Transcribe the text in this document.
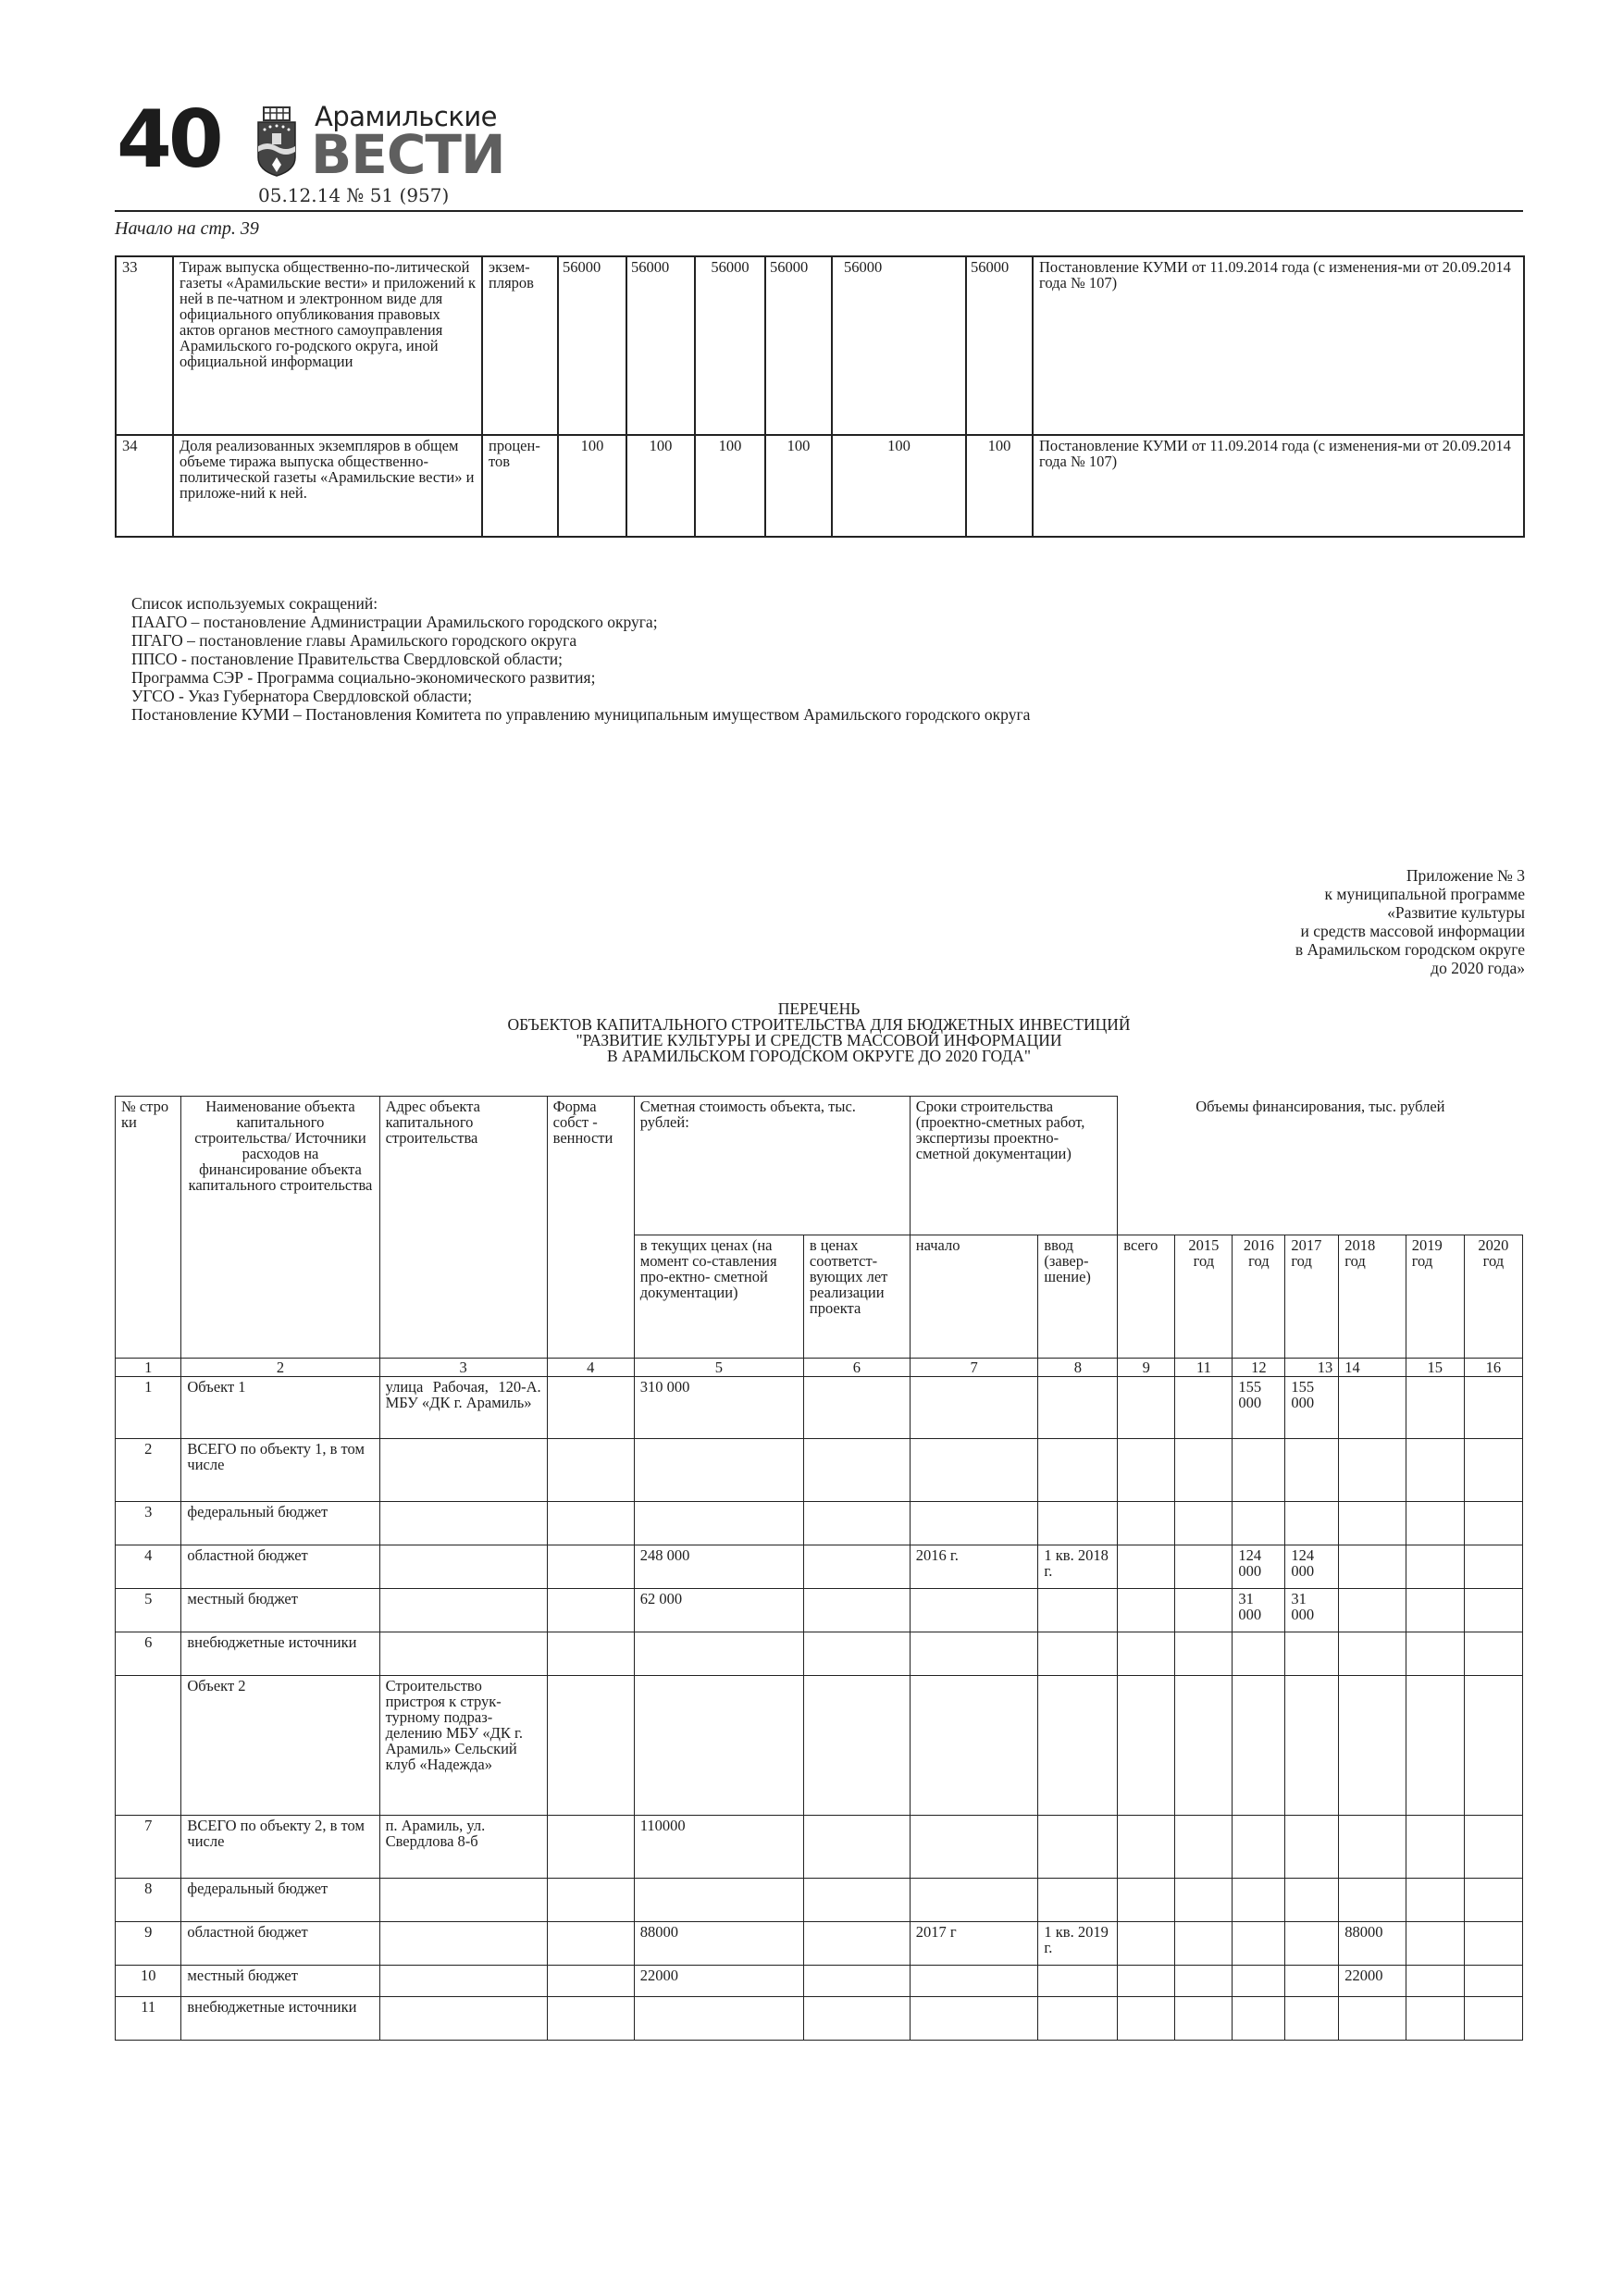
40	Арамильские
ВЕСТИ
05.12.14 № 51 (957)
Начало на стр. 39
33	Тираж выпуска общественно-по-литической газеты «Арамильские вести» и приложений к ней в пе-чатном и электронном виде для официального опубликования правовых актов органов местного самоуправления Арамильского го-родского округа, иной официальной информации	экзем-пляров	56000	56000	56000	56000	56000	56000	Постановление КУМИ от 11.09.2014 года (с изменения-ми от 20.09.2014 года № 107)
34	Доля реализованных экземпляров в общем объеме тиража выпуска общественно-политической газеты «Арамильские вести» и приложе-ний к ней.	процен-тов	100	100	100	100	100	100	Постановление КУМИ от 11.09.2014 года (с изменения-ми от 20.09.2014 года № 107)
Список используемых сокращений:
ПААГО – постановление Администрации Арамильского городского округа;
ПГАГО – постановление главы Арамильского городского округа
ППСО - постановление Правительства Свердловской области;
Программа СЭР - Программа социально-экономического развития;
УГСО - Указ Губернатора Свердловской области;
Постановление КУМИ – Постановления Комитета по управлению муниципальным имуществом Арамильского городского округа
Приложение № 3
к муниципальной программе
«Развитие культуры
и средств массовой информации
в Арамильском городском округе
до 2020 года»
ПЕРЕЧЕНЬ
ОБЪЕКТОВ КАПИТАЛЬНОГО СТРОИТЕЛЬСТВА ДЛЯ БЮДЖЕТНЫХ ИНВЕСТИЦИЙ
"РАЗВИТИЕ КУЛЬТУРЫ И СРЕДСТВ МАССОВОЙ ИНФОРМАЦИИ
В АРАМИЛЬСКОМ ГОРОДСКОМ ОКРУГЕ ДО 2020 ГОДА"
№ стро ки	Наименование объекта капитального строительства/ Источники расходов на финансирование объекта капитального строительства	Адрес объекта капитального строительства	Форма собст - венности	Сметная стоимость объекта, тыс. рублей:		Сроки строительства (проектно-сметных работ, экспертизы проектно-сметной документации)		Объемы финансирования, тыс. рублей						
				в текущих ценах (на момент со-ставления про-ектно- сметной документации)	в ценах соответст-вующих лет реализации проекта	начало	ввод (завер-шение)	всего	2015 год	2016 год	2017 год	2018 год	2019 год	2020 год
1	2	3	4	5	6	7	8	9	11	12	13	14	15	16
1	Объект 1	улица Рабочая, 120-А. МБУ «ДК г. Арамиль»		310 000						155 000	155 000			
2	ВСЕГО по объекту 1, в том числе													
3	федеральный бюджет													
4	областной бюджет			248 000		2016 г.	1 кв. 2018 г.			124 000	124 000			
5	местный бюджет			62 000						31 000	31 000			
6	внебюджетные источники													
	Объект 2	Строительство пристроя к струк-турному подраз-делению МБУ «ДК г. Арамиль» Сельский клуб «Надежда»												
7	ВСЕГО по объекту 2, в том числе	п. Арамиль, ул. Свердлова 8-б		110000										
8	федеральный бюджет													
9	областной бюджет			88000		2017 г	1 кв. 2019 г.					88000		
10	местный бюджет			22000								22000		
11	внебюджетные источники													
